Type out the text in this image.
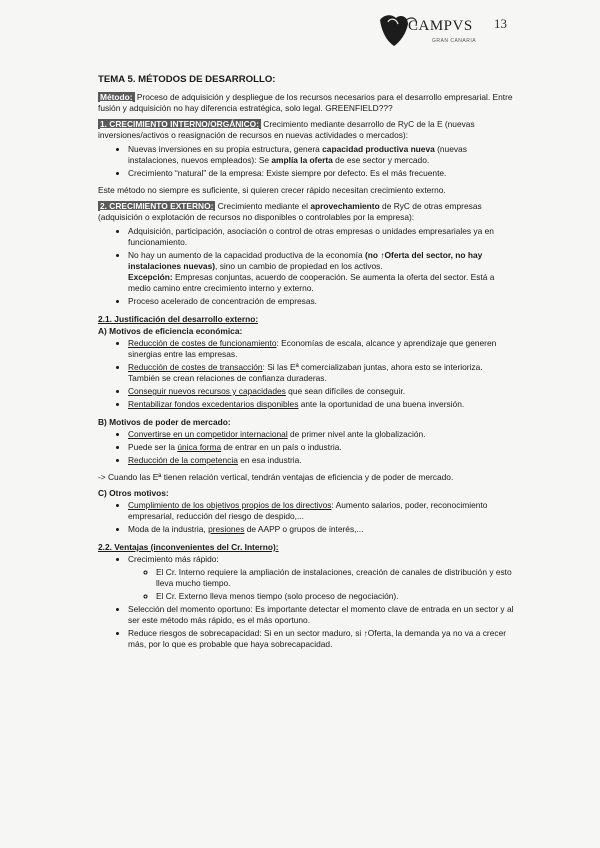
CAMPVS 13
GRAN CANARIA
TEMA 5. MÉTODOS DE DESARROLLO:

Método: Proceso de adquisición y despliegue de los recursos necesarios para el desarrollo empresarial. Entre fusión y adquisición no hay diferencia estratégica, solo legal. GREENFIELD???

1. CRECIMIENTO INTERNO/ORGÁNICO: Crecimiento mediante desarrollo de RyC de la E (nuevas inversiones/activos o reasignación de recursos en nuevas actividades o mercados):

• Nuevas inversiones en su propia estructura, genera capacidad productiva nueva (nuevas instalaciones, nuevos empleados): Se amplía la oferta de ese sector y mercado.
• Crecimiento “natural” de la empresa: Existe siempre por defecto. Es el más frecuente.

Este método no siempre es suficiente, si quieren crecer rápido necesitan crecimiento externo.

2. CRECIMIENTO EXTERNO: Crecimiento mediante el aprovechamiento de RyC de otras empresas (adquisición o explotación de recursos no disponibles o controlables por la empresa):

• Adquisición, participación, asociación o control de otras empresas o unidades empresariales ya en funcionamiento.
• No hay un aumento de la capacidad productiva de la economía (no ↑Oferta del sector, no hay instalaciones nuevas), sino un cambio de propiedad en los activos.
Excepción: Empresas conjuntas, acuerdo de cooperación. Se aumenta la oferta del sector. Está a medio camino entre crecimiento interno y externo.
• Proceso acelerado de concentración de empresas.
2.1. Justificación del desarrollo externo:
A) Motivos de eficiencia económica:
• Reducción de costes de funcionamiento: Economías de escala, alcance y aprendizaje que generen sinergias entre las empresas.
• Reducción de costes de transacción: Si las Eª comercializaban juntas, ahora esto se interioriza. También se crean relaciones de confianza duraderas.
• Conseguir nuevos recursos y capacidades que sean difíciles de conseguir.
• Rentabilizar fondos excedentarios disponibles ante la oportunidad de una buena inversión.
B) Motivos de poder de mercado:
• Convertirse en un competidor internacional de primer nivel ante la globalización.
• Puede ser la única forma de entrar en un país o industria.
• Reducción de la competencia en esa industria.

-> Cuando las Eª tienen relación vertical, tendrán ventajas de eficiencia y de poder de mercado.

C) Otros motivos:
• Cumplimiento de los objetivos propios de los directivos: Aumento salarios, poder, reconocimiento empresarial, reducción del riesgo de despido,...
• Moda de la industria, presiones de AAPP o grupos de interés,...
2.2. Ventajas (inconvenientes del Cr. Interno):
• Crecimiento más rápido:
◦ El Cr. Interno requiere la ampliación de instalaciones, creación de canales de distribución y esto lleva mucho tiempo.
◦ El Cr. Externo lleva menos tiempo (solo proceso de negociación).
• Selección del momento oportuno: Es importante detectar el momento clave de entrada en un sector y al ser este método más rápido, es el más oportuno.
• Reduce riesgos de sobrecapacidad: Si en un sector maduro, si ↑Oferta, la demanda ya no va a crecer más, por lo que es probable que haya sobrecapacidad.
